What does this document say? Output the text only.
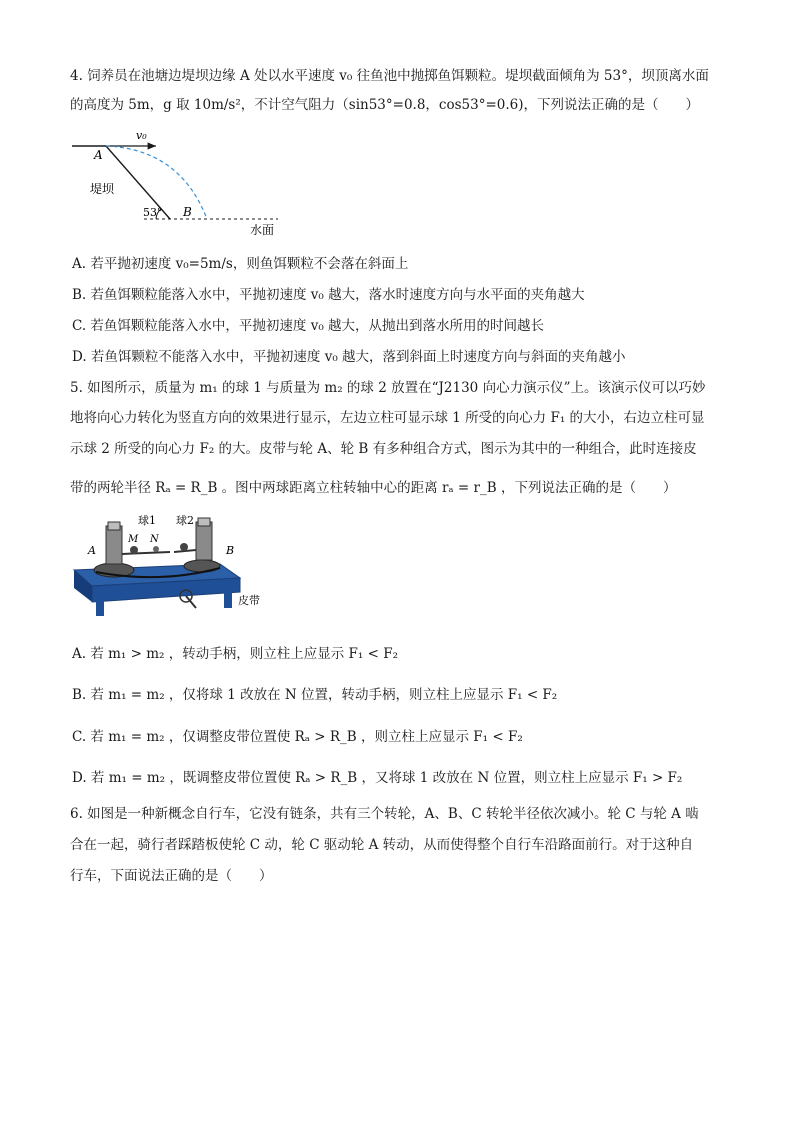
4. 饲养员在池塘边堤坝边缘 A 处以水平速度 v₀ 往鱼池中抛掷鱼饵颗粒。堤坝截面倾角为 53°，坝顶离水面
的高度为 5m，g 取 10m/s²，不计空气阻力（sin53°=0.8，cos53°=0.6)，下列说法正确的是（　　）
v₀
A
53° B
堤坝
水面
A. 若平抛初速度 v₀=5m/s，则鱼饵颗粒不会落在斜面上
B. 若鱼饵颗粒能落入水中，平抛初速度 v₀ 越大，落水时速度方向与水平面的夹角越大
C. 若鱼饵颗粒能落入水中，平抛初速度 v₀ 越大，从抛出到落水所用的时间越长
D. 若鱼饵颗粒不能落入水中，平抛初速度 v₀ 越大，落到斜面上时速度方向与斜面的夹角越小
5. 如图所示，质量为 m₁ 的球 1 与质量为 m₂ 的球 2 放置在“J2130 向心力演示仪”上。该演示仪可以巧妙
地将向心力转化为竖直方向的效果进行显示，左边立柱可显示球 1 所受的向心力 F₁ 的大小，右边立柱可显
示球 2 所受的向心力 F₂ 的大。皮带与轮 A、轮 B 有多种组合方式，图示为其中的一种组合，此时连接皮
带的两轮半径 Rₐ = R_B 。图中两球距离立柱转轴中心的距离 rₐ = r_B ，下列说法正确的是（　　）
球1 球2
A	B
M N
皮带
A. 若 m₁ > m₂ ，转动手柄，则立柱上应显示 F₁ < F₂
B. 若 m₁ = m₂ ，仅将球 1 改放在 N 位置，转动手柄，则立柱上应显示 F₁ < F₂
C. 若 m₁ = m₂ ，仅调整皮带位置使 Rₐ > R_B ，则立柱上应显示 F₁ < F₂
D. 若 m₁ = m₂ ，既调整皮带位置使 Rₐ > R_B ，又将球 1 改放在 N 位置，则立柱上应显示 F₁ > F₂
6. 如图是一种新概念自行车，它没有链条，共有三个转轮，A、B、C 转轮半径依次减小。轮 C 与轮 A 啮
合在一起，骑行者踩踏板使轮 C 动，轮 C 驱动轮 A 转动，从而使得整个自行车沿路面前行。对于这种自
行车，下面说法正确的是（　　）
